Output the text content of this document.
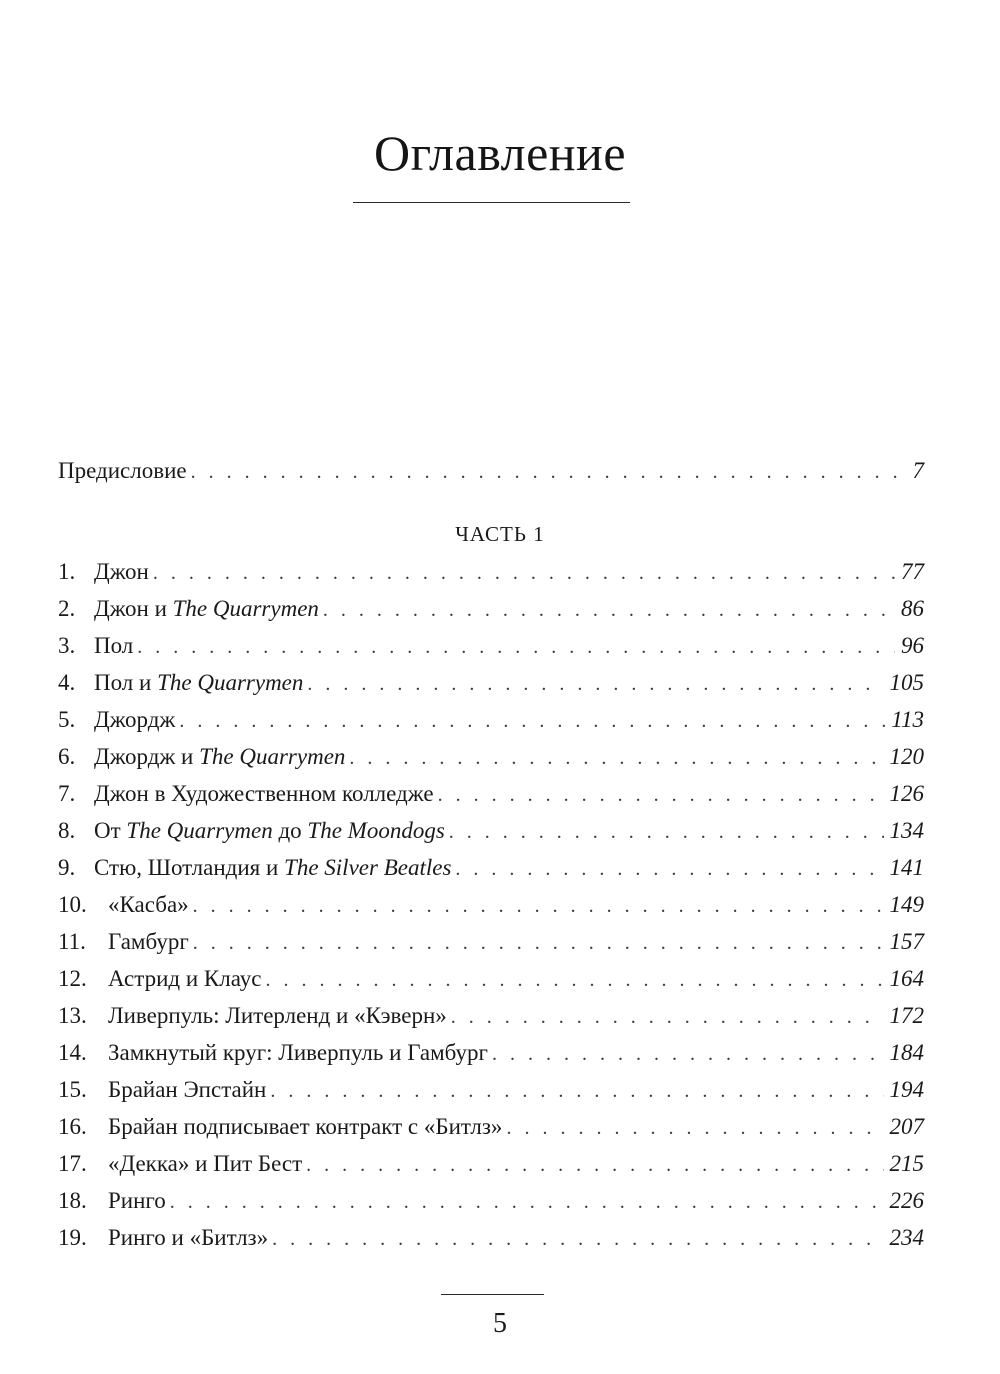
Оглавление
Предисловие . . .	7
ЧАСТЬ 1
1. Джон . . .	77
2. Джон и The Quarrymen . . .	86
3. Пол . . .	96
4. Пол и The Quarrymen . . .	105
5. Джордж . . .	113
6. Джордж и The Quarrymen . . .	120
7. Джон в Художественном колледже . . .	126
8. От The Quarrymen до The Moondogs . . .	134
9. Стю, Шотландия и The Silver Beatles . . .	141
10. «Касба» . . .	149
11. Гамбург . . .	157
12. Астрид и Клаус . . .	164
13. Ливерпуль: Литерленд и «Кэверн» . . .	172
14. Замкнутый круг: Ливерпуль и Гамбург . . .	184
15. Брайан Эпстайн . . .	194
16. Брайан подписывает контракт с «Битлз» . . .	207
17. «Декка» и Пит Бест . . .	215
18. Ринго . . .	226
19. Ринго и «Битлз» . . .	234
5
